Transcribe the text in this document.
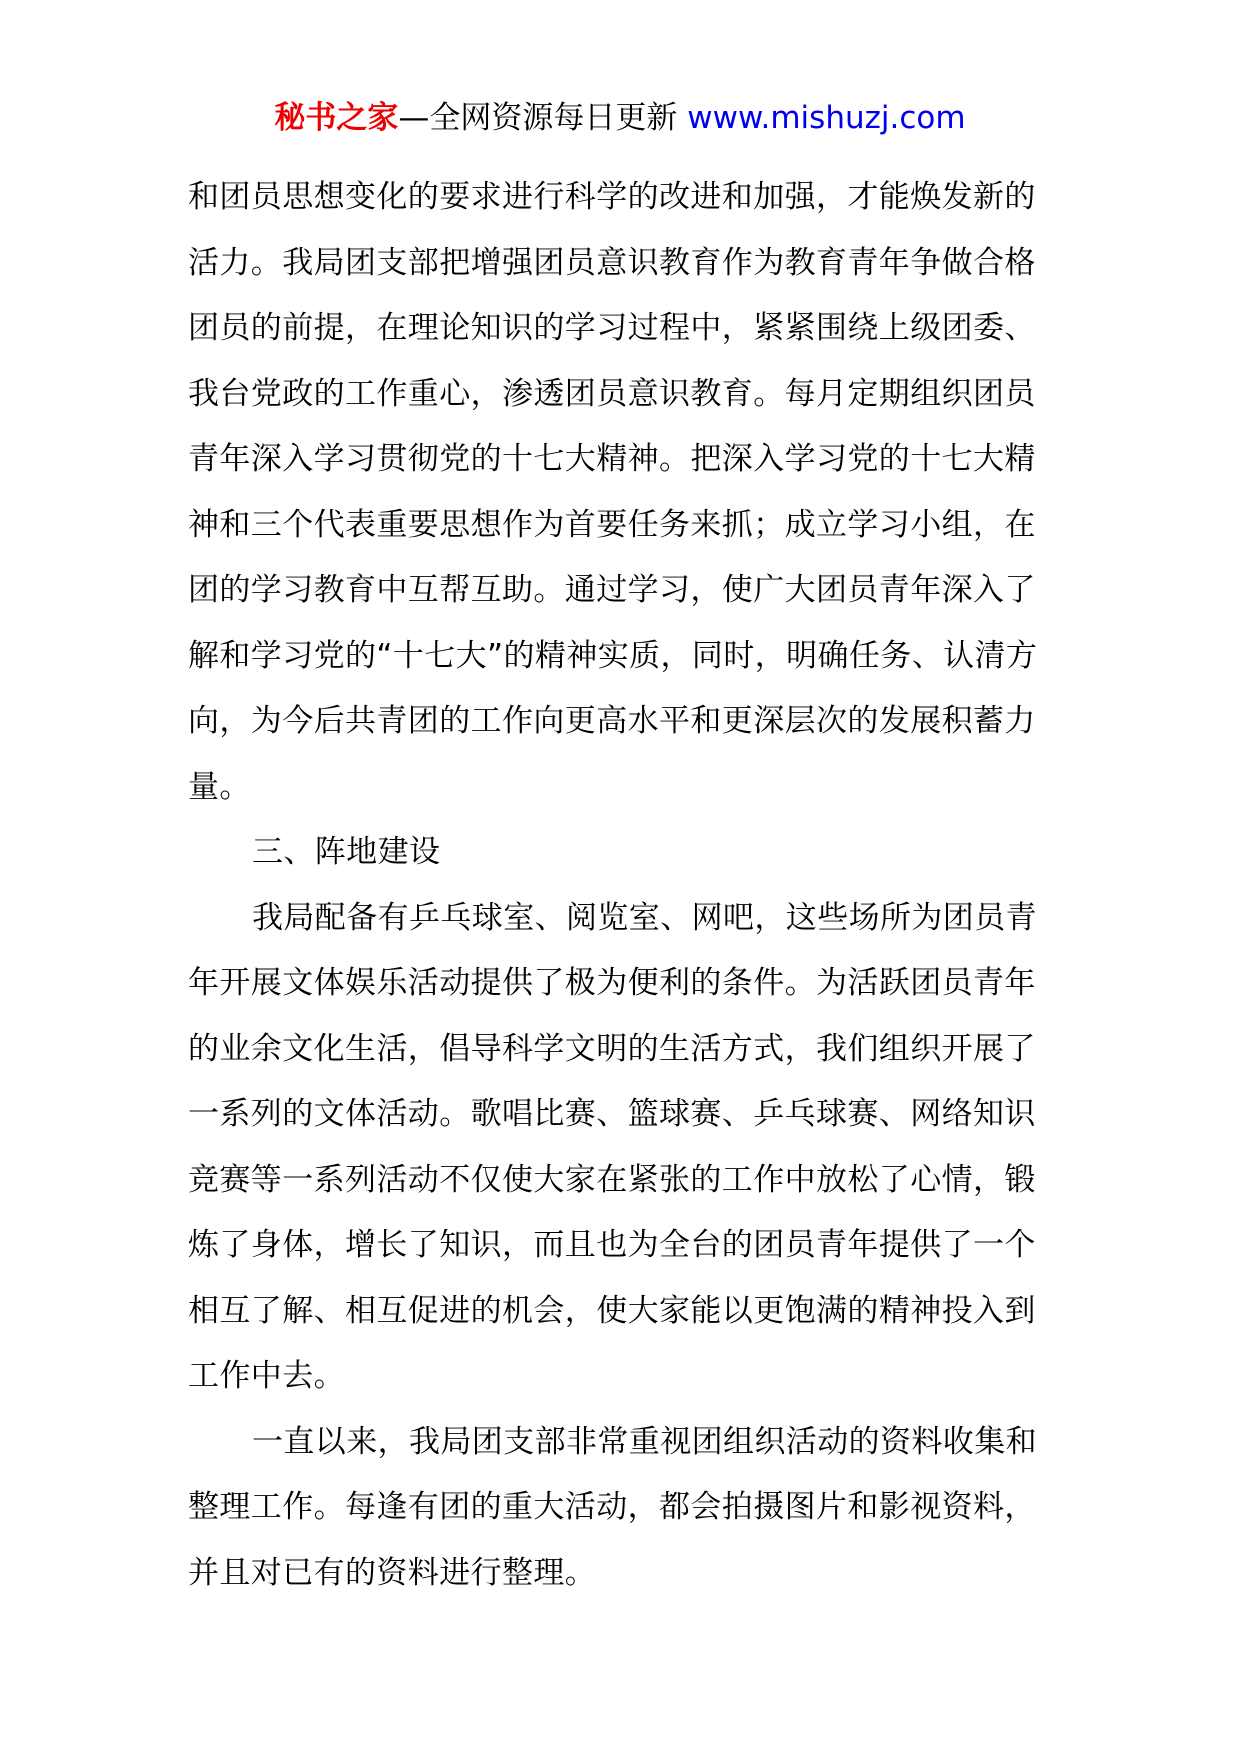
秘书之家—全网资源每日更新 www.mishuzj.com

和团员思想变化的要求进行科学的改进和加强，才能焕发新的活力。我局团支部把增强团员意识教育作为教育青年争做合格团员的前提，在理论知识的学习过程中，紧紧围绕上级团委、我台党政的工作重心，渗透团员意识教育。每月定期组织团员青年深入学习贯彻党的十七大精神。把深入学习党的十七大精神和三个代表重要思想作为首要任务来抓；成立学习小组，在团的学习教育中互帮互助。通过学习，使广大团员青年深入了解和学习党的“十七大”的精神实质，同时，明确任务、认清方向，为今后共青团的工作向更高水平和更深层次的发展积蓄力量。

三、阵地建设

我局配备有乒乓球室、阅览室、网吧，这些场所为团员青年开展文体娱乐活动提供了极为便利的条件。为活跃团员青年的业余文化生活，倡导科学文明的生活方式，我们组织开展了一系列的文体活动。歌唱比赛、篮球赛、乒乓球赛、网络知识竞赛等一系列活动不仅使大家在紧张的工作中放松了心情，锻炼了身体，增长了知识，而且也为全台的团员青年提供了一个相互了解、相互促进的机会，使大家能以更饱满的精神投入到工作中去。

一直以来，我局团支部非常重视团组织活动的资料收集和整理工作。每逢有团的重大活动，都会拍摄图片和影视资料，并且对已有的资料进行整理。
